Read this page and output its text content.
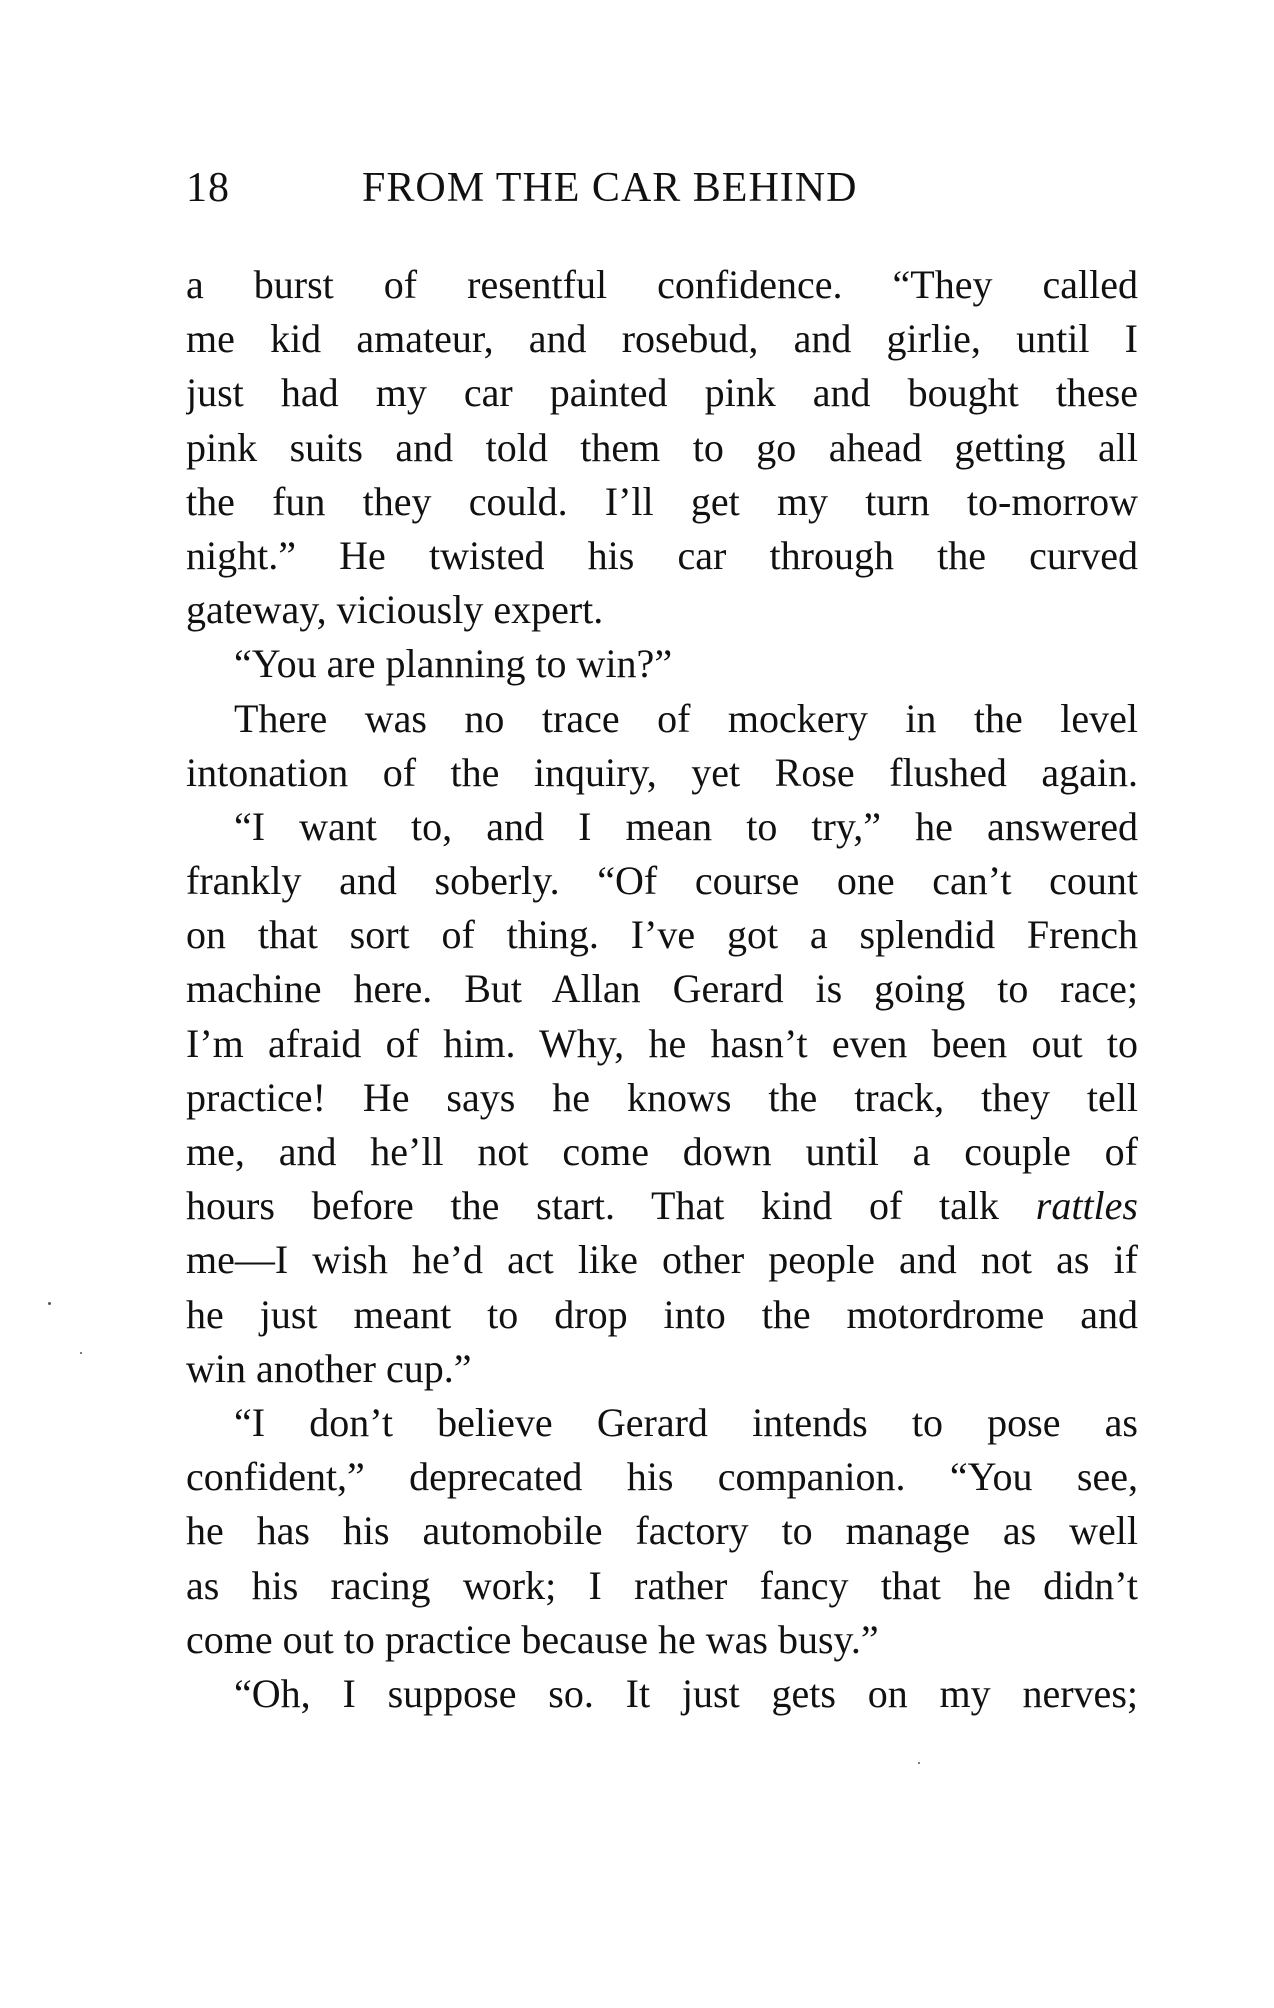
18	FROM THE CAR BEHIND
a burst of resentful confidence. “They called
me kid amateur, and rosebud, and girlie, until I
just had my car painted pink and bought these
pink suits and told them to go ahead getting all
the fun they could. I’ll get my turn to-morrow
night.” He twisted his car through the curved
gateway, viciously expert.
“You are planning to win?”
There was no trace of mockery in the level
intonation of the inquiry, yet Rose flushed again.
“I want to, and I mean to try,” he answered
frankly and soberly. “Of course one can’t count
on that sort of thing. I’ve got a splendid French
machine here. But Allan Gerard is going to race;
I’m afraid of him. Why, he hasn’t even been out to
practice! He says he knows the track, they tell
me, and he’ll not come down until a couple of
hours before the start. That kind of talk rattles
me—I wish he’d act like other people and not as if
he just meant to drop into the motordrome and
win another cup.”
“I don’t believe Gerard intends to pose as
confident,” deprecated his companion. “You see,
he has his automobile factory to manage as well
as his racing work; I rather fancy that he didn’t
come out to practice because he was busy.”
“Oh, I suppose so. It just gets on my nerves;
